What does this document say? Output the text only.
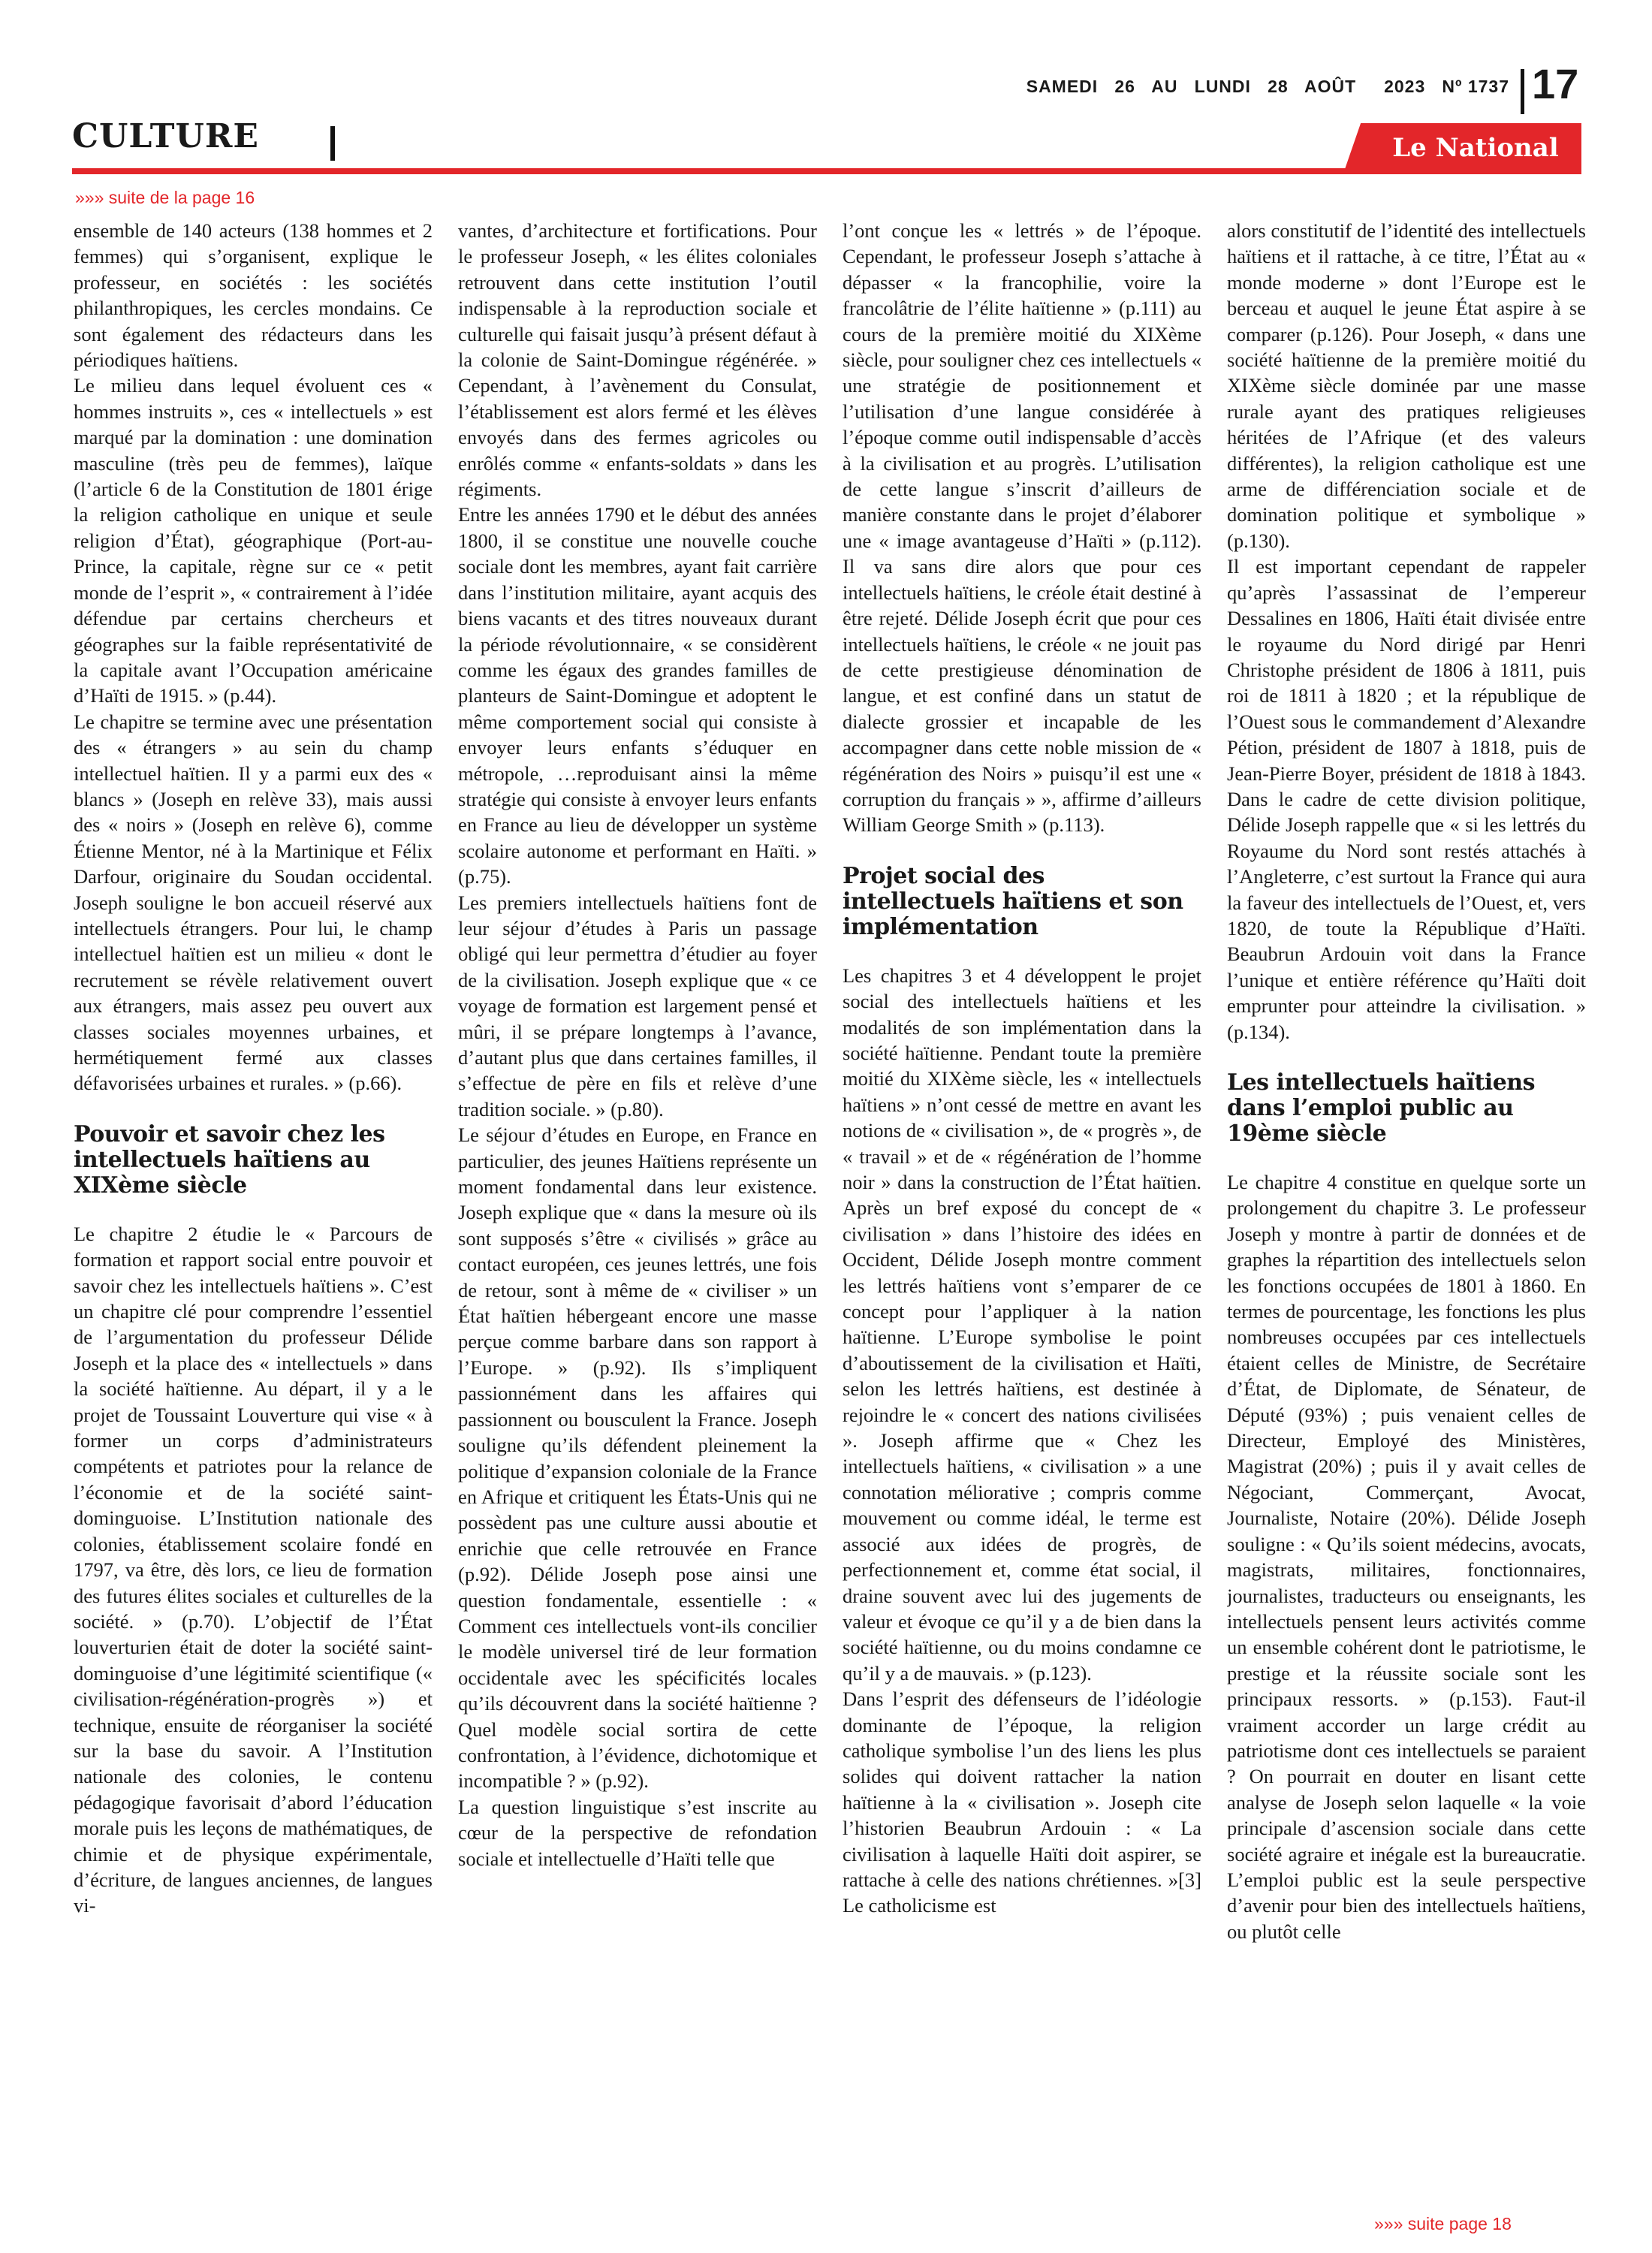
SAMEDI   26   AU   LUNDI   28   AOÛT     2023   Nº 1737 17
CULTURE	Le National
»»» suite de la page 16

ensemble de 140 acteurs (138 hommes et 2 femmes) qui s’organisent, explique le professeur, en sociétés : les sociétés philanthropiques, les cercles mondains. Ce sont également des rédacteurs dans les périodiques haïtiens.

Le milieu dans lequel évoluent ces « hommes instruits », ces « intellectuels » est marqué par la domination : une domination masculine (très peu de femmes), laïque (l’article 6 de la Constitution de 1801 érige la religion catholique en unique et seule religion d’État), géographique (Port-au-Prince, la capitale, règne sur ce « petit monde de l’esprit », « contrairement à l’idée défendue par certains chercheurs et géographes sur la faible représentativité de la capitale avant l’Occupation américaine d’Haïti de 1915. » (p.44).

Le chapitre se termine avec une présentation des « étrangers » au sein du champ intellectuel haïtien. Il y a parmi eux des « blancs » (Joseph en relève 33), mais aussi des « noirs » (Joseph en relève 6), comme Étienne Mentor, né à la Martinique et Félix Darfour, originaire du Soudan occidental. Joseph souligne le bon accueil réservé aux intellectuels étrangers. Pour lui, le champ intellectuel haïtien est un milieu « dont le recrutement se révèle relativement ouvert aux étrangers, mais assez peu ouvert aux classes sociales moyennes urbaines, et hermétiquement fermé aux classes défavorisées urbaines et rurales. » (p.66).

Pouvoir et savoir chez les intellectuels haïtiens au XIXème siècle

Le chapitre 2 étudie le « Parcours de formation et rapport social entre pouvoir et savoir chez les intellectuels haïtiens ». C’est un chapitre clé pour comprendre l’essentiel de l’argumentation du professeur Délide Joseph et la place des « intellectuels » dans la société haïtienne. Au départ, il y a le projet de Toussaint Louverture qui vise « à former un corps d’administrateurs compétents et patriotes pour la relance de l’économie et de la société saint-dominguoise. L’Institution nationale des colonies, établissement scolaire fondé en 1797, va être, dès lors, ce lieu de formation des futures élites sociales et culturelles de la société. » (p.70). L’objectif de l’État louverturien était de doter la société saint-dominguoise d’une légitimité scientifique (« civilisation-régénération-progrès ») et technique, ensuite de réorganiser la société sur la base du savoir. A l’Institution nationale des colonies, le contenu pédagogique favorisait d’abord l’éducation morale puis les leçons de mathématiques, de chimie et de physique expérimentale, d’écriture, de langues anciennes, de langues vi-

vantes, d’architecture et fortifications. Pour le professeur Joseph, « les élites coloniales retrouvent dans cette institution l’outil indispensable à la reproduction sociale et culturelle qui faisait jusqu’à présent défaut à la colonie de Saint-Domingue régénérée. » Cependant, à l’avènement du Consulat, l’établissement est alors fermé et les élèves envoyés dans des fermes agricoles ou enrôlés comme « enfants-soldats » dans les régiments.

Entre les années 1790 et le début des années 1800, il se constitue une nouvelle couche sociale dont les membres, ayant fait carrière dans l’institution militaire, ayant acquis des biens vacants et des titres nouveaux durant la période révolutionnaire, « se considèrent comme les égaux des grandes familles de planteurs de Saint-Domingue et adoptent le même comportement social qui consiste à envoyer leurs enfants s’éduquer en métropole, …reproduisant ainsi la même stratégie qui consiste à envoyer leurs enfants en France au lieu de développer un système scolaire autonome et performant en Haïti. » (p.75).

Les premiers intellectuels haïtiens font de leur séjour d’études à Paris un passage obligé qui leur permettra d’étudier au foyer de la civilisation. Joseph explique que « ce voyage de formation est largement pensé et mûri, il se prépare longtemps à l’avance, d’autant plus que dans certaines familles, il s’effectue de père en fils et relève d’une tradition sociale. » (p.80).

Le séjour d’études en Europe, en France en particulier, des jeunes Haïtiens représente un moment fondamental dans leur existence. Joseph explique que « dans la mesure où ils sont supposés s’être « civilisés » grâce au contact européen, ces jeunes lettrés, une fois de retour, sont à même de « civiliser » un État haïtien hébergeant encore une masse perçue comme barbare dans son rapport à l’Europe. » (p.92). Ils s’impliquent passionnément dans les affaires qui passionnent ou bousculent la France. Joseph souligne qu’ils défendent pleinement la politique d’expansion coloniale de la France en Afrique et critiquent les États-Unis qui ne possèdent pas une culture aussi aboutie et enrichie que celle retrouvée en France (p.92). Délide Joseph pose ainsi une question fondamentale, essentielle : « Comment ces intellectuels vont-ils concilier le modèle universel tiré de leur formation occidentale avec les spécificités locales qu’ils découvrent dans la société haïtienne ? Quel modèle social sortira de cette confrontation, à l’évidence, dichotomique et incompatible ? » (p.92).

La question linguistique s’est inscrite au cœur de la perspective de refondation sociale et intellectuelle d’Haïti telle que

l’ont conçue les « lettrés » de l’époque. Cependant, le professeur Joseph s’attache à dépasser « la francophilie, voire la francolâtrie de l’élite haïtienne » (p.111) au cours de la première moitié du XIXème siècle, pour souligner chez ces intellectuels « une stratégie de positionnement et l’utilisation d’une langue considérée à l’époque comme outil indispensable d’accès à la civilisation et au progrès. L’utilisation de cette langue s’inscrit d’ailleurs de manière constante dans le projet d’élaborer une « image avantageuse d’Haïti » (p.112). Il va sans dire alors que pour ces intellectuels haïtiens, le créole était destiné à être rejeté. Délide Joseph écrit que pour ces intellectuels haïtiens, le créole « ne jouit pas de cette prestigieuse dénomination de langue, et est confiné dans un statut de dialecte grossier et incapable de les accompagner dans cette noble mission de « régénération des Noirs » puisqu’il est une « corruption du français » », affirme d’ailleurs William George Smith » (p.113).

Projet social des intellectuels haïtiens et son implémentation

Les chapitres 3 et 4 développent le projet social des intellectuels haïtiens et les modalités de son implémentation dans la société haïtienne. Pendant toute la première moitié du XIXème siècle, les « intellectuels haïtiens » n’ont cessé de mettre en avant les notions de « civilisation », de « progrès », de « travail » et de « régénération de l’homme noir » dans la construction de l’État haïtien. Après un bref exposé du concept de « civilisation » dans l’histoire des idées en Occident, Délide Joseph montre comment les lettrés haïtiens vont s’emparer de ce concept pour l’appliquer à la nation haïtienne. L’Europe symbolise le point d’aboutissement de la civilisation et Haïti, selon les lettrés haïtiens, est destinée à rejoindre le « concert des nations civilisées ». Joseph affirme que « Chez les intellectuels haïtiens, « civilisation » a une connotation méliorative ; compris comme mouvement ou comme idéal, le terme est associé aux idées de progrès, de perfectionnement et, comme état social, il draine souvent avec lui des jugements de valeur et évoque ce qu’il y a de bien dans la société haïtienne, ou du moins condamne ce qu’il y a de mauvais. » (p.123).

Dans l’esprit des défenseurs de l’idéologie dominante de l’époque, la religion catholique symbolise l’un des liens les plus solides qui doivent rattacher la nation haïtienne à la « civilisation ». Joseph cite l’historien Beaubrun Ardouin : « La civilisation à laquelle Haïti doit aspirer, se rattache à celle des nations chrétiennes. »[3] Le catholicisme est

alors constitutif de l’identité des intellectuels haïtiens et il rattache, à ce titre, l’État au « monde moderne » dont l’Europe est le berceau et auquel le jeune État aspire à se comparer (p.126). Pour Joseph, « dans une société haïtienne de la première moitié du XIXème siècle dominée par une masse rurale ayant des pratiques religieuses héritées de l’Afrique (et des valeurs différentes), la religion catholique est une arme de différenciation sociale et de domination politique et symbolique » (p.130).

Il est important cependant de rappeler qu’après l’assassinat de l’empereur Dessalines en 1806, Haïti était divisée entre le royaume du Nord dirigé par Henri Christophe président de 1806 à 1811, puis roi de 1811 à 1820 ; et la république de l’Ouest sous le commandement d’Alexandre Pétion, président de 1807 à 1818, puis de Jean-Pierre Boyer, président de 1818 à 1843. Dans le cadre de cette division politique, Délide Joseph rappelle que « si les lettrés du Royaume du Nord sont restés attachés à l’Angleterre, c’est surtout la France qui aura la faveur des intellectuels de l’Ouest, et, vers 1820, de toute la République d’Haïti. Beaubrun Ardouin voit dans la France l’unique et entière référence qu’Haïti doit emprunter pour atteindre la civilisation. » (p.134).

Les intellectuels haïtiens dans l’emploi public au 19ème siècle

Le chapitre 4 constitue en quelque sorte un prolongement du chapitre 3. Le professeur Joseph y montre à partir de données et de graphes la répartition des intellectuels selon les fonctions occupées de 1801 à 1860. En termes de pourcentage, les fonctions les plus nombreuses occupées par ces intellectuels étaient celles de Ministre, de Secrétaire d’État, de Diplomate, de Sénateur, de Député (93%) ; puis venaient celles de Directeur, Employé des Ministères, Magistrat (20%) ; puis il y avait celles de Négociant, Commerçant, Avocat, Journaliste, Notaire (20%). Délide Joseph souligne : « Qu’ils soient médecins, avocats, magistrats, militaires, fonctionnaires, journalistes, traducteurs ou enseignants, les intellectuels pensent leurs activités comme un ensemble cohérent dont le patriotisme, le prestige et la réussite sociale sont les principaux ressorts. » (p.153). Faut-il vraiment accorder un large crédit au patriotisme dont ces intellectuels se paraient ? On pourrait en douter en lisant cette analyse de Joseph selon laquelle « la voie principale d’ascension sociale dans cette société agraire et inégale est la bureaucratie. L’emploi public est la seule perspective d’avenir pour bien des intellectuels haïtiens, ou plutôt celle

»»» suite page 18
